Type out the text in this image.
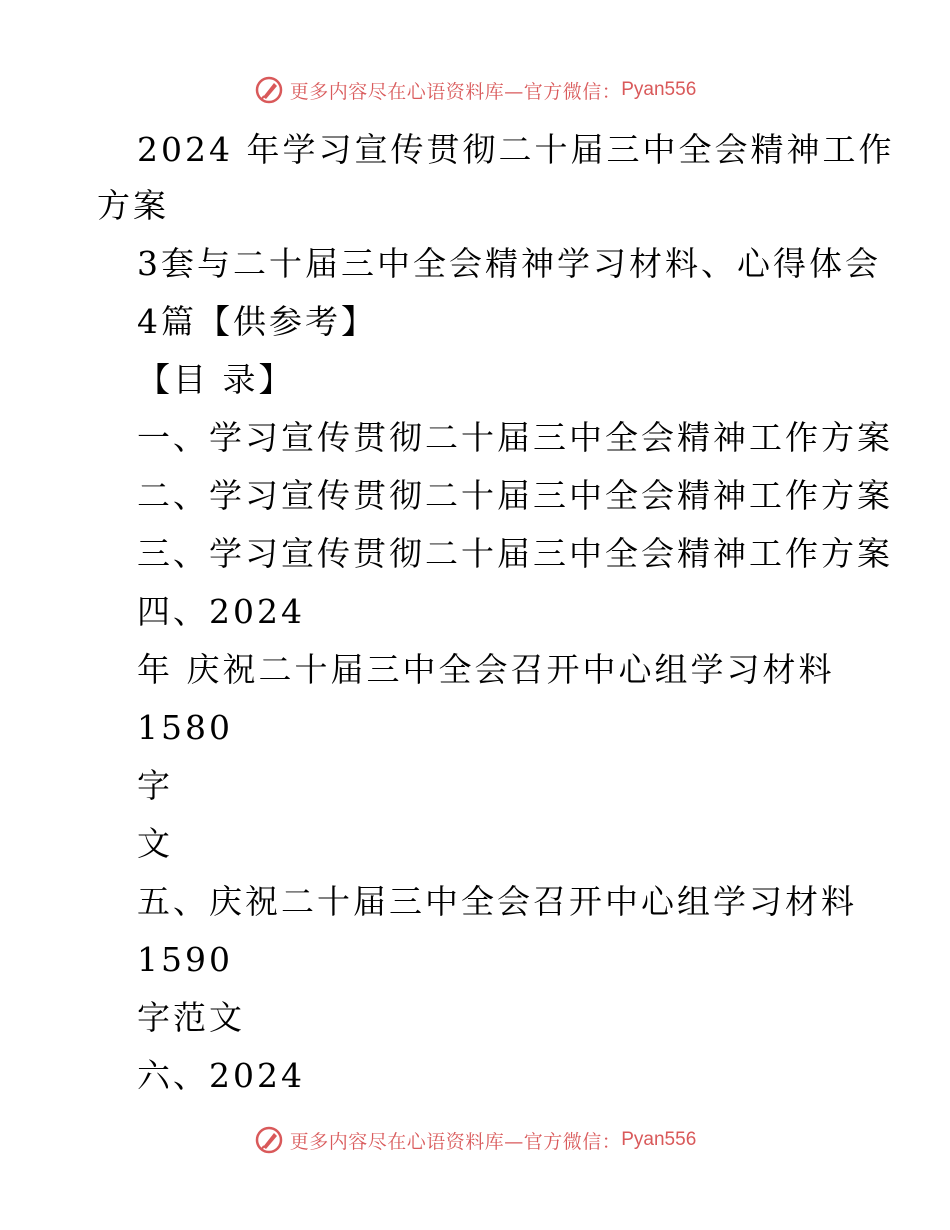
更多内容尽在心语资料库—官方微信： Pyan556
2024 年学习宣传贯彻二十届三中全会精神工作
方案
3套与二十届三中全会精神学习材料、心得体会
4篇【供参考】
【目 录】
一、学习宣传贯彻二十届三中全会精神工作方案
二、学习宣传贯彻二十届三中全会精神工作方案
三、学习宣传贯彻二十届三中全会精神工作方案
四、2024
年 庆祝二十届三中全会召开中心组学习材料
1580
字
文
五、庆祝二十届三中全会召开中心组学习材料
1590
字范文
六、2024
更多内容尽在心语资料库—官方微信： Pyan556
